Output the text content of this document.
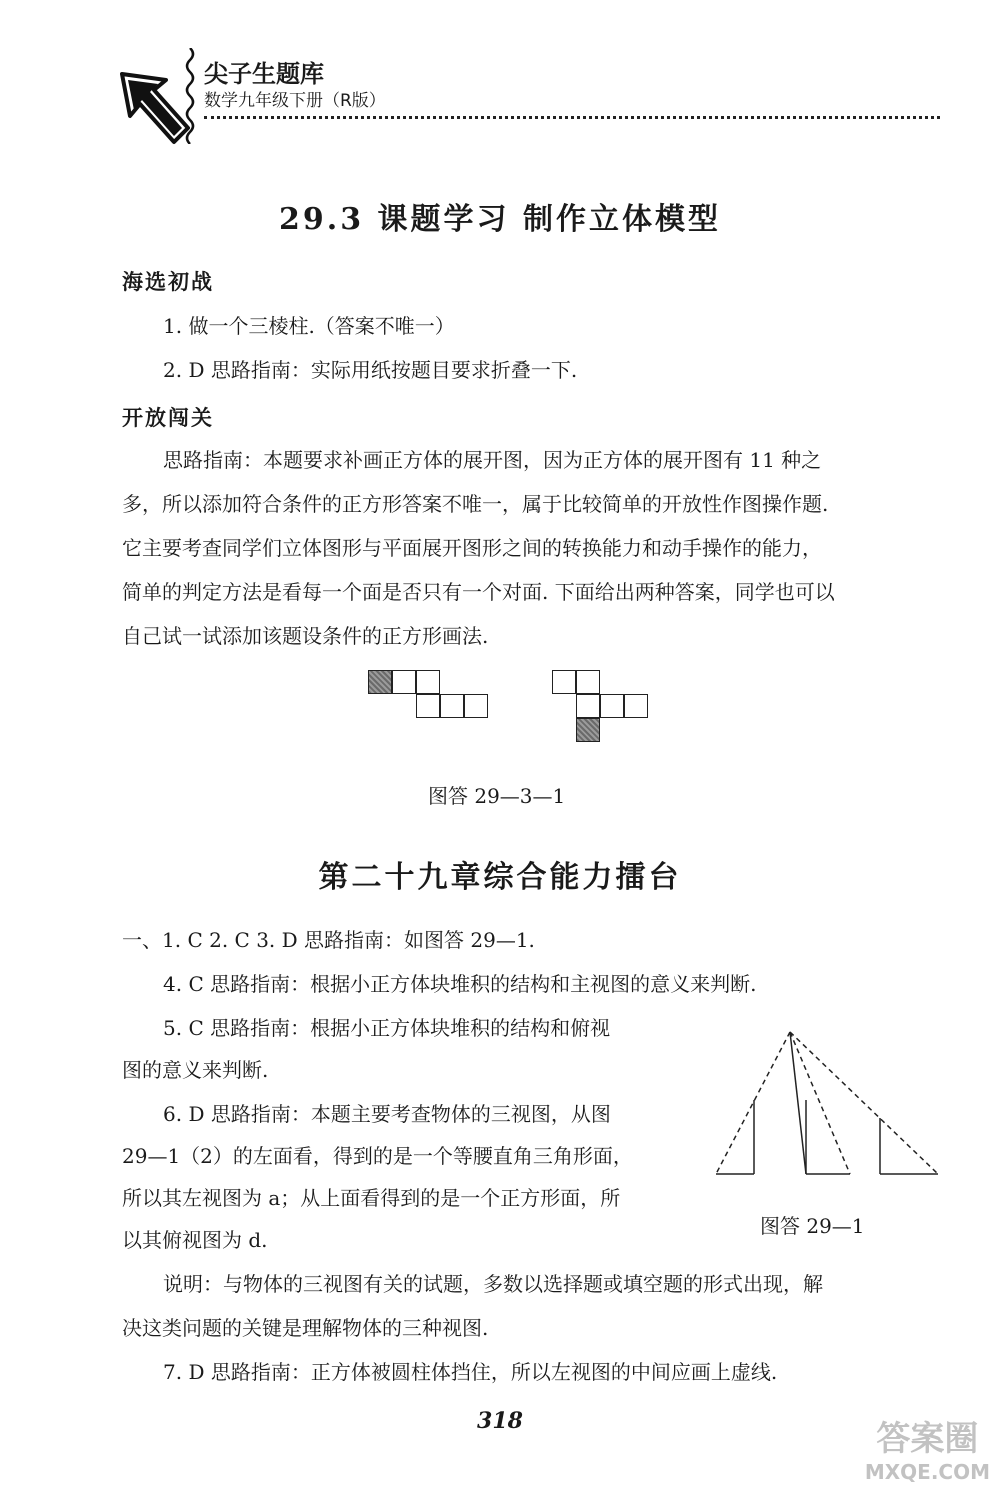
尖子生题库
数学九年级下册（R版）
29.3 课题学习 制作立体模型
海选初战
1. 做一个三棱柱.（答案不唯一）
2. D 思路指南：实际用纸按题目要求折叠一下.
开放闯关
思路指南：本题要求补画正方体的展开图，因为正方体的展开图有 11 种之
多，所以添加符合条件的正方形答案不唯一，属于比较简单的开放性作图操作题.
它主要考查同学们立体图形与平面展开图形之间的转换能力和动手操作的能力，
简单的判定方法是看每一个面是否只有一个对面. 下面给出两种答案，同学也可以
自己试一试添加该题设条件的正方形画法.
图答 29—3—1
第二十九章综合能力擂台
一、1. C 2. C 3. D 思路指南：如图答 29—1.
4. C 思路指南：根据小正方体块堆积的结构和主视图的意义来判断.
5. C 思路指南：根据小正方体块堆积的结构和俯视
图的意义来判断.
6. D 思路指南：本题主要考查物体的三视图，从图
29—1（2）的左面看，得到的是一个等腰直角三角形面，
所以其左视图为 a；从上面看得到的是一个正方形面，所
以其俯视图为 d.
说明：与物体的三视图有关的试题，多数以选择题或填空题的形式出现，解
决这类问题的关键是理解物体的三种视图.
7. D 思路指南：正方体被圆柱体挡住，所以左视图的中间应画上虚线.
图答 29—1
318	答案圈
MXQE.COM
